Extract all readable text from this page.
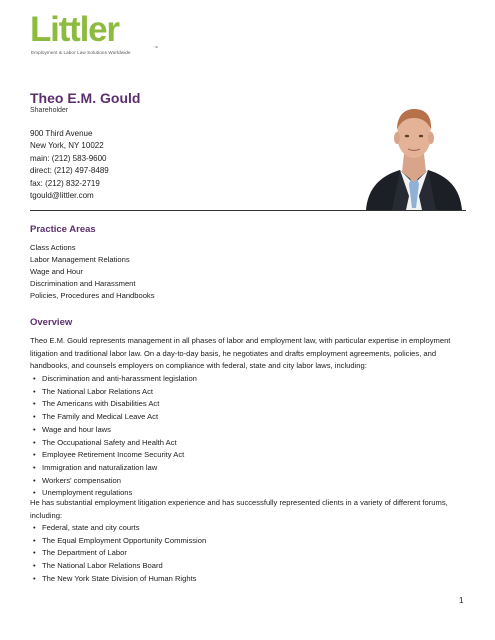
Littler
Employment & Labor Law Solutions Worldwide
™
Theo E.M. Gould
Shareholder
900 Third Avenue
New York, NY 10022
main: (212) 583-9600
direct: (212) 497-8489
fax: (212) 832-2719
tgould@littler.com
Practice Areas
Class Actions
Labor Management Relations
Wage and Hour
Discrimination and Harassment
Policies, Procedures and Handbooks
Overview
Theo E.M. Gould represents management in all phases of labor and employment law, with particular expertise in employment litigation and traditional labor law. On a day-to-day basis, he negotiates and drafts employment agreements, policies, and handbooks, and counsels employers on compliance with federal, state and city labor laws, including:
• Discrimination and anti-harassment legislation
• The National Labor Relations Act
• The Americans with Disabilities Act
• The Family and Medical Leave Act
• Wage and hour laws
• The Occupational Safety and Health Act
• Employee Retirement Income Security Act
• Immigration and naturalization law
• Workers' compensation
• Unemployment regulations
He has substantial employment litigation experience and has successfully represented clients in a variety of different forums, including:
• Federal, state and city courts
• The Equal Employment Opportunity Commission
• The Department of Labor
• The National Labor Relations Board
• The New York State Division of Human Rights
1
